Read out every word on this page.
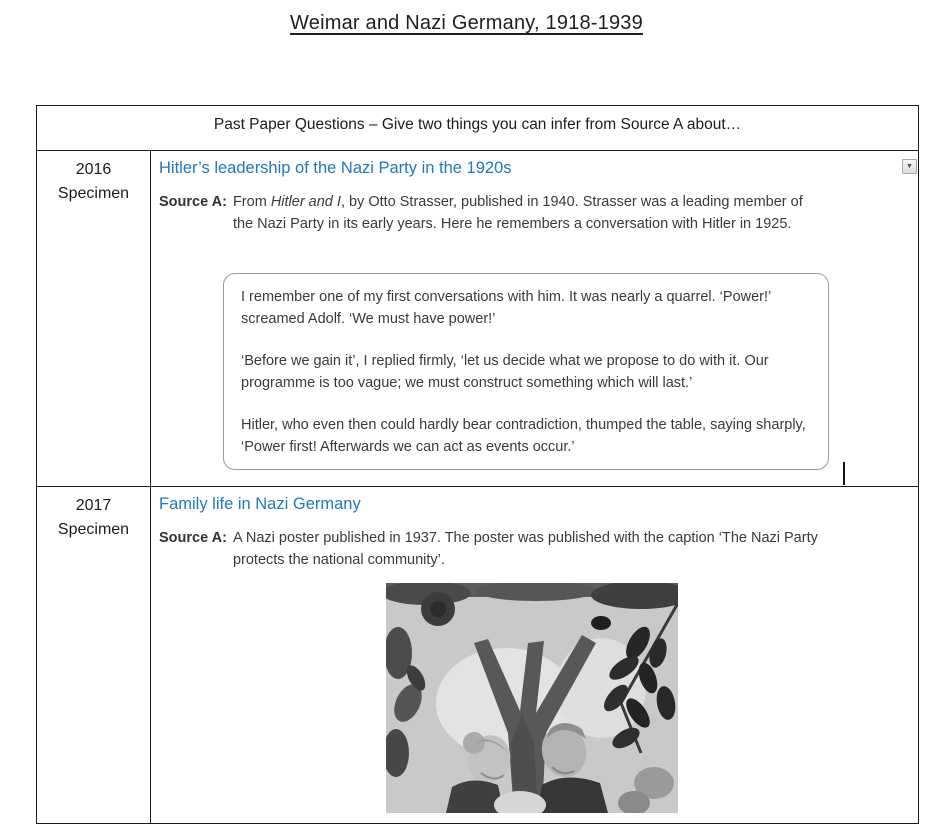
Weimar and Nazi Germany, 1918-1939
Past Paper Questions – Give two things you can infer from Source A about…
2016
Specimen
▼
Hitler’s leadership of the Nazi Party in the 1920s
Source A: From Hitler and I, by Otto Strasser, published in 1940. Strasser was a leading member of the Nazi Party in its early years. Here he remembers a conversation with Hitler in 1925.

I remember one of my first conversations with him. It was nearly a quarrel. ‘Power!’ screamed Adolf. ‘We must have power!’

‘Before we gain it’, I replied firmly, ‘let us decide what we propose to do with it. Our programme is too vague; we must construct something which will last.’

Hitler, who even then could hardly bear contradiction, thumped the table, saying sharply, ‘Power first! Afterwards we can act as events occur.’

2017
Specimen
Family life in Nazi Germany
Source A: A Nazi poster published in 1937. The poster was published with the caption ‘The Nazi Party protects the national community’.
